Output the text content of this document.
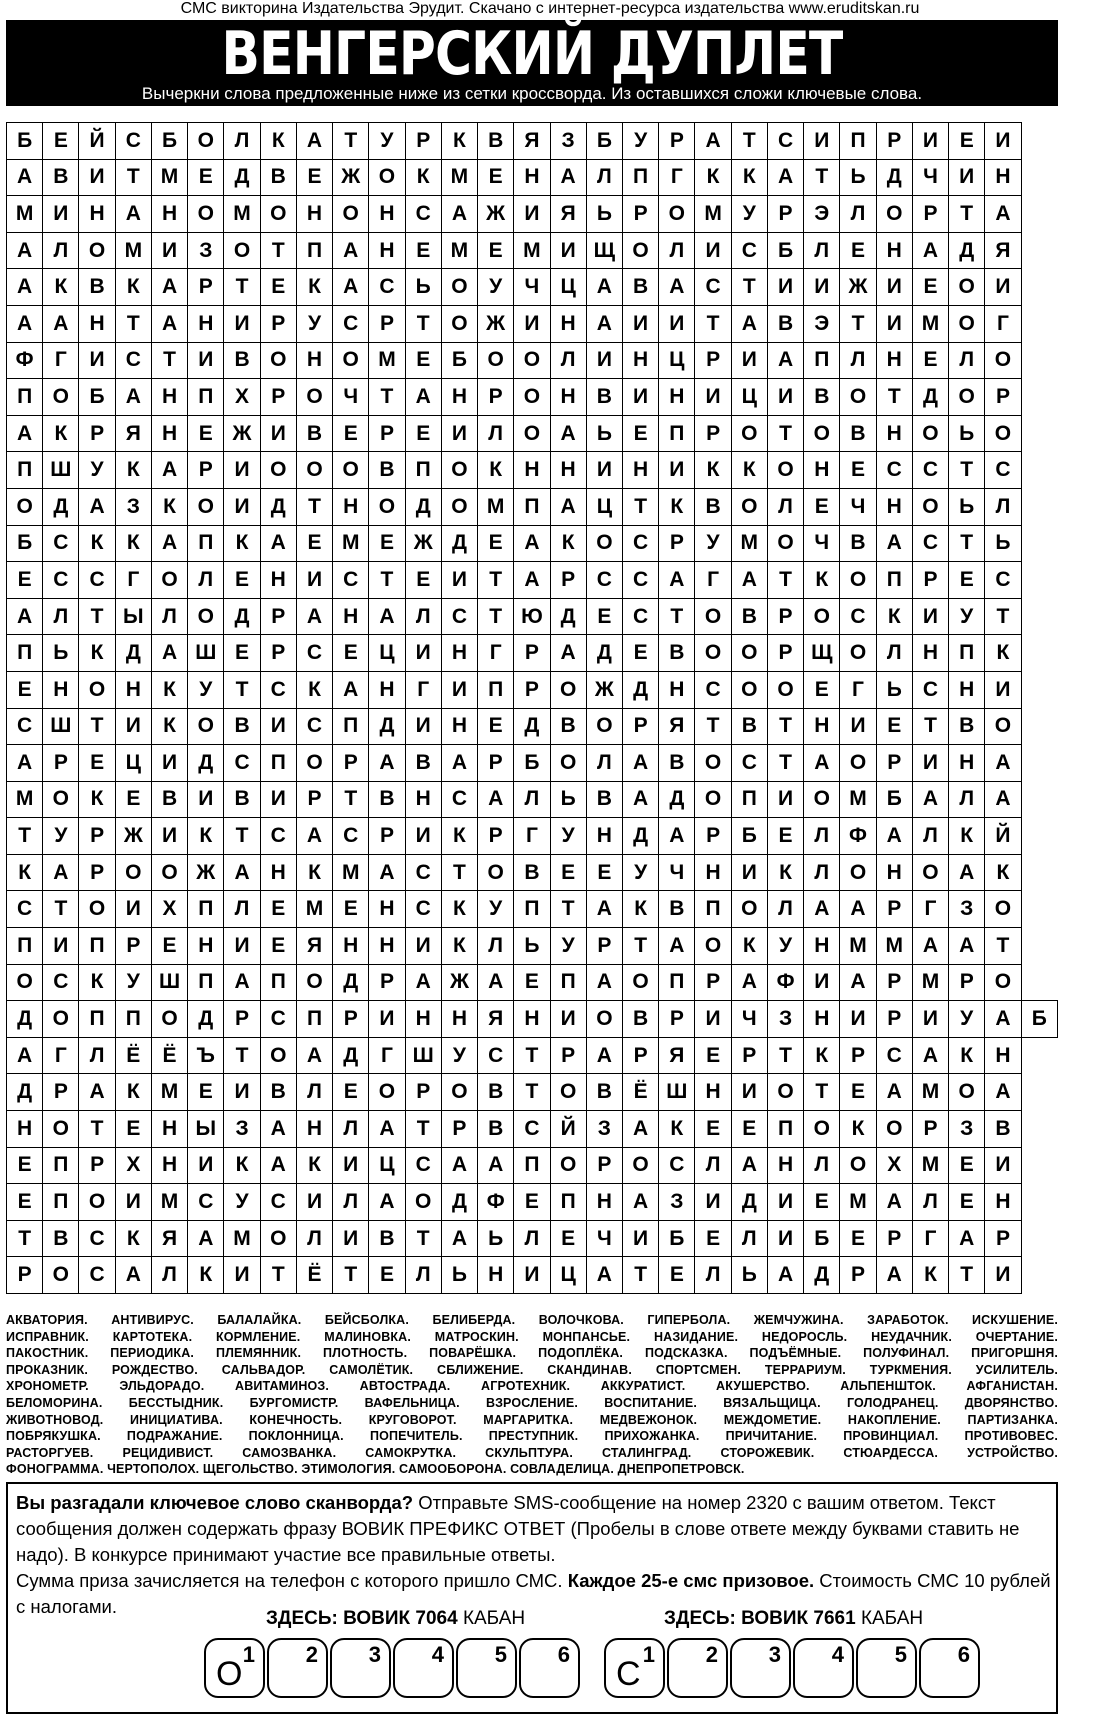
СМС викторина Издательства Эрудит. Скачано с интернет-ресурса издательства www.eruditskan.ru
ВЕНГЕРСКИЙ ДУПЛЕТ
Вычеркни слова предложенные ниже из сетки кроссворда. Из оставшихся сложи ключевые слова.
Б	Е	Й	С	Б	О	Л	К	А	Т	У	Р	К	В	Я	З	Б	У	Р	А	Т	С	И	П	Р	И	Е	И	
А	В	И	Т	М	Е	Д	В	Е	Ж	О	К	М	Е	Н	А	Л	П	Г	К	К	А	Т	Ь	Д	Ч	И	Н	
М	И	Н	А	Н	О	М	О	Н	О	Н	С	А	Ж	И	Я	Ь	Р	О	М	У	Р	Э	Л	О	Р	Т	А	
А	Л	О	М	И	З	О	Т	П	А	Н	Е	М	Е	М	И	Щ	О	Л	И	С	Б	Л	Е	Н	А	Д	Я	
А	К	В	К	А	Р	Т	Е	К	А	С	Ь	О	У	Ч	Ц	А	В	А	С	Т	И	И	Ж	И	Е	О	И	
А	А	Н	Т	А	Н	И	Р	У	С	Р	Т	О	Ж	И	Н	А	И	И	Т	А	В	Э	Т	И	М	О	Г	
Ф	Г	И	С	Т	И	В	О	Н	О	М	Е	Б	О	О	Л	И	Н	Ц	Р	И	А	П	Л	Н	Е	Л	О	
П	О	Б	А	Н	П	Х	Р	О	Ч	Т	А	Н	Р	О	Н	В	И	Н	И	Ц	И	В	О	Т	Д	О	Р	
А	К	Р	Я	Н	Е	Ж	И	В	Е	Р	Е	И	Л	О	А	Ь	Е	П	Р	О	Т	О	В	Н	О	Ь	О	
П	Ш	У	К	А	Р	И	О	О	О	В	П	О	К	Н	Н	И	Н	И	К	К	О	Н	Е	С	С	Т	С	
О	Д	А	З	К	О	И	Д	Т	Н	О	Д	О	М	П	А	Ц	Т	К	В	О	Л	Е	Ч	Н	О	Ь	Л	
Б	С	К	К	А	П	К	А	Е	М	Е	Ж	Д	Е	А	К	О	С	Р	У	М	О	Ч	В	А	С	Т	Ь	
Е	С	С	Г	О	Л	Е	Н	И	С	Т	Е	И	Т	А	Р	С	С	А	Г	А	Т	К	О	П	Р	Е	С	
А	Л	Т	Ы	Л	О	Д	Р	А	Н	А	Л	С	Т	Ю	Д	Е	С	Т	О	В	Р	О	С	К	И	У	Т	
П	Ь	К	Д	А	Ш	Е	Р	С	Е	Ц	И	Н	Г	Р	А	Д	Е	В	О	О	Р	Щ	О	Л	Н	П	К	
Е	Н	О	Н	К	У	Т	С	К	А	Н	Г	И	П	Р	О	Ж	Д	Н	С	О	О	Е	Г	Ь	С	Н	И	
С	Ш	Т	И	К	О	В	И	С	П	Д	И	Н	Е	Д	В	О	Р	Я	Т	В	Т	Н	И	Е	Т	В	О	
А	Р	Е	Ц	И	Д	С	П	О	Р	А	В	А	Р	Б	О	Л	А	В	О	С	Т	А	О	Р	И	Н	А	
М	О	К	Е	В	И	В	И	Р	Т	В	Н	С	А	Л	Ь	В	А	Д	О	П	И	О	М	Б	А	Л	А	
Т	У	Р	Ж	И	К	Т	С	А	С	Р	И	К	Р	Г	У	Н	Д	А	Р	Б	Е	Л	Ф	А	Л	К	Й	
К	А	Р	О	О	Ж	А	Н	К	М	А	С	Т	О	В	Е	Е	У	Ч	Н	И	К	Л	О	Н	О	А	К	
С	Т	О	И	Х	П	Л	Е	М	Е	Н	С	К	У	П	Т	А	К	В	П	О	Л	А	А	Р	Г	З	О	
П	И	П	Р	Е	Н	И	Е	Я	Н	Н	И	К	Л	Ь	У	Р	Т	А	О	К	У	Н	М	М	А	А	Т	
О	С	К	У	Ш	П	А	П	О	Д	Р	А	Ж	А	Е	П	А	О	П	Р	А	Ф	И	А	Р	М	Р	О	
Д	О	П	П	О	Д	Р	С	П	Р	И	Н	Н	Я	Н	И	О	В	Р	И	Ч	З	Н	И	Р	И	У	А	Б
А	Г	Л	Ё	Ё	Ъ	Т	О	А	Д	Г	Ш	У	С	Т	Р	А	Р	Я	Е	Р	Т	К	Р	С	А	К	Н	
Д	Р	А	К	М	Е	И	В	Л	Е	О	Р	О	В	Т	О	В	Ё	Ш	Н	И	О	Т	Е	А	М	О	А	
Н	О	Т	Е	Н	Ы	З	А	Н	Л	А	Т	Р	В	С	Й	З	А	К	Е	Е	П	О	К	О	Р	З	В	
Е	П	Р	Х	Н	И	К	А	К	И	Ц	С	А	А	П	О	Р	О	С	Л	А	Н	Л	О	Х	М	Е	И	
Е	П	О	И	М	С	У	С	И	Л	А	О	Д	Ф	Е	П	Н	А	З	И	Д	И	Е	М	А	Л	Е	Н	
Т	В	С	К	Я	А	М	О	Л	И	В	Т	А	Ь	Л	Е	Ч	И	Б	Е	Л	И	Б	Е	Р	Г	А	Р	
Р	О	С	А	Л	К	И	Т	Ё	Т	Е	Л	Ь	Н	И	Ц	А	Т	Е	Л	Ь	А	Д	Р	А	К	Т	И	
АКВАТОРИЯ. АНТИВИРУС. БАЛАЛАЙКА. БЕЙСБОЛКА. БЕЛИБЕРДА. ВОЛОЧКОВА. ГИПЕРБОЛА. ЖЕМЧУЖИНА. ЗАРАБОТОК. ИСКУШЕНИЕ.
ИСПРАВНИК. КАРТОТЕКА. КОРМЛЕНИЕ. МАЛИНОВКА. МАТРОСКИН. МОНПАНСЬЕ. НАЗИДАНИЕ. НЕДОРОСЛЬ. НЕУДАЧНИК. ОЧЕРТАНИЕ.
ПАКОСТНИК. ПЕРИОДИКА. ПЛЕМЯННИК. ПЛОТНОСТЬ. ПОВАРЁШКА. ПОДОПЛЁКА. ПОДСКАЗКА. ПОДЪЁМНЫЕ. ПОЛУФИНАЛ. ПРИГОРШНЯ.
ПРОКАЗНИК. РОЖДЕСТВО. САЛЬВАДОР. САМОЛЁТИК. СБЛИЖЕНИЕ. СКАНДИНАВ. СПОРТСМЕН. ТЕРРАРИУМ. ТУРКМЕНИЯ. УСИЛИТЕЛЬ.
ХРОНОМЕТР. ЭЛЬДОРАДО. АВИТАМИНОЗ. АВТОСТРАДА. АГРОТЕХНИК. АККУРАТИСТ. АКУШЕРСТВО. АЛЬПЕНШТОК. АФГАНИСТАН.
БЕЛОМОРИНА. БЕССТЫДНИК. БУРГОМИСТР. ВАФЕЛЬНИЦА. ВЗРОСЛЕНИЕ. ВОСПИТАНИЕ. ВЯЗАЛЬЩИЦА. ГОЛОДРАНЕЦ. ДВОРЯНСТВО.
ЖИВОТНОВОД. ИНИЦИАТИВА. КОНЕЧНОСТЬ. КРУГОВОРОТ. МАРГАРИТКА. МЕДВЕЖОНОК. МЕЖДОМЕТИЕ. НАКОПЛЕНИЕ. ПАРТИЗАНКА.
ПОБРЯКУШКА. ПОДРАЖАНИЕ. ПОКЛОННИЦА. ПОПЕЧИТЕЛЬ. ПРЕСТУПНИК. ПРИХОЖАНКА. ПРИЧИТАНИЕ. ПРОВИНЦИАЛ. ПРОТИВОВЕС.
РАСТОРГУЕВ. РЕЦИДИВИСТ. САМОЗВАНКА. САМОКРУТКА. СКУЛЬПТУРА. СТАЛИНГРАД. СТОРОЖЕВИК. СТЮАРДЕССА. УСТРОЙСТВО.
ФОНОГРАММА. ЧЕРТОПОЛОХ. ЩЕГОЛЬСТВО. ЭТИМОЛОГИЯ. САМООБОРОНА. СОВЛАДЕЛИЦА. ДНЕПРОПЕТРОВСК.
Вы разгадали ключевое слово сканворда? Отправьте SMS-сообщение на номер 2320 с вашим ответом. Текст сообщения должен содержать фразу ВОВИК ПРЕФИКС ОТВЕТ (Пробелы в слове ответе между буквами ставить не надо). В конкурсе принимают участие все правильные ответы.
Сумма приза зачисляется на телефон с которого пришло СМС. Каждое 25-е смс призовое. Стоимость СМС 10 рублей с налогами.
ЗДЕСЬ: ВОВИК 7064 КАБАН
О
1 2 3 4 5 6
ЗДЕСЬ: ВОВИК 7661 КАБАН
С
1 2 3 4 5 6
